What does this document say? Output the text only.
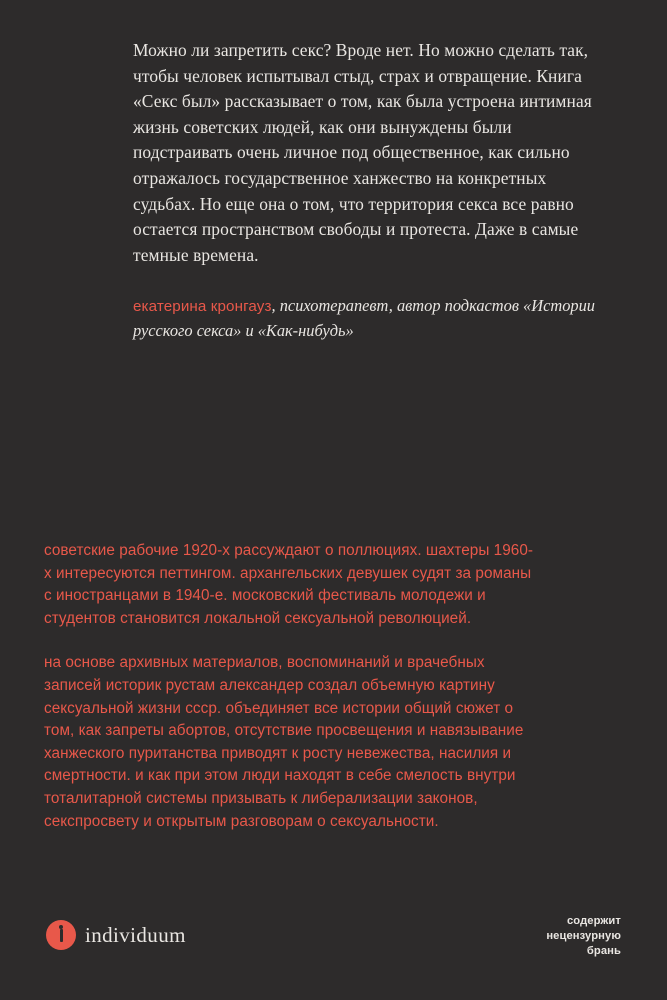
Можно ли запретить секс? Вроде нет. Но можно сделать так, чтобы человек испытывал стыд, страх и отвращение. Книга «Секс был» рассказывает о том, как была устроена интимная жизнь советских людей, как они вынуждены были подстраивать очень личное под общественное, как сильно отражалось государственное ханжество на конкретных судьбах. Но еще она о том, что территория секса все равно остается пространством свободы и протеста. Даже в самые темные времена.

екатерина кронгауз, психотерапевт, автор подкастов «Истории русского секса» и «Как-нибудь»

советские рабочие 1920-х рассуждают о поллюциях. шахтеры 1960-х интересуются петтингом. архангельских девушек судят за романы с иностранцами в 1940-е. московский фестиваль молодежи и студентов становится локальной сексуальной революцией.

на основе архивных материалов, воспоминаний и врачебных записей историк рустам александер создал объемную картину сексуальной жизни ссср. объединяет все истории общий сюжет о том, как запреты абортов, отсутствие просвещения и навязывание ханжеского пуританства приводят к росту невежества, насилия и смертности. и как при этом люди находят в себе смелость внутри тоталитарной системы призывать к либерализации законов, секспросвету и открытым разговорам о сексуальности.

individuum
содержит
нецензурную
брань
